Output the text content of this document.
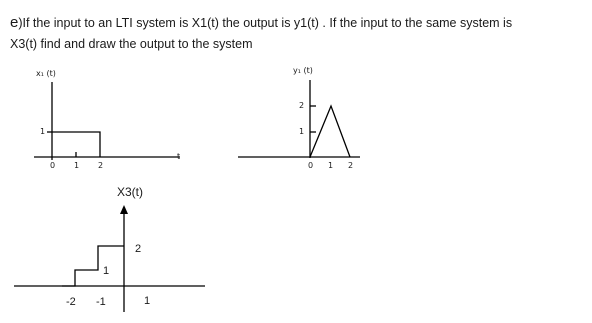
e)If the input to an LTI system is X1(t) the output is y1(t) . If the input to the same system is

X3(t) find and draw the output to the system

x₁ (t)
t
1
0 1 2
y₁ (t)
2
1
0 1 2
X3(t)
1
2
-2 -1	1
